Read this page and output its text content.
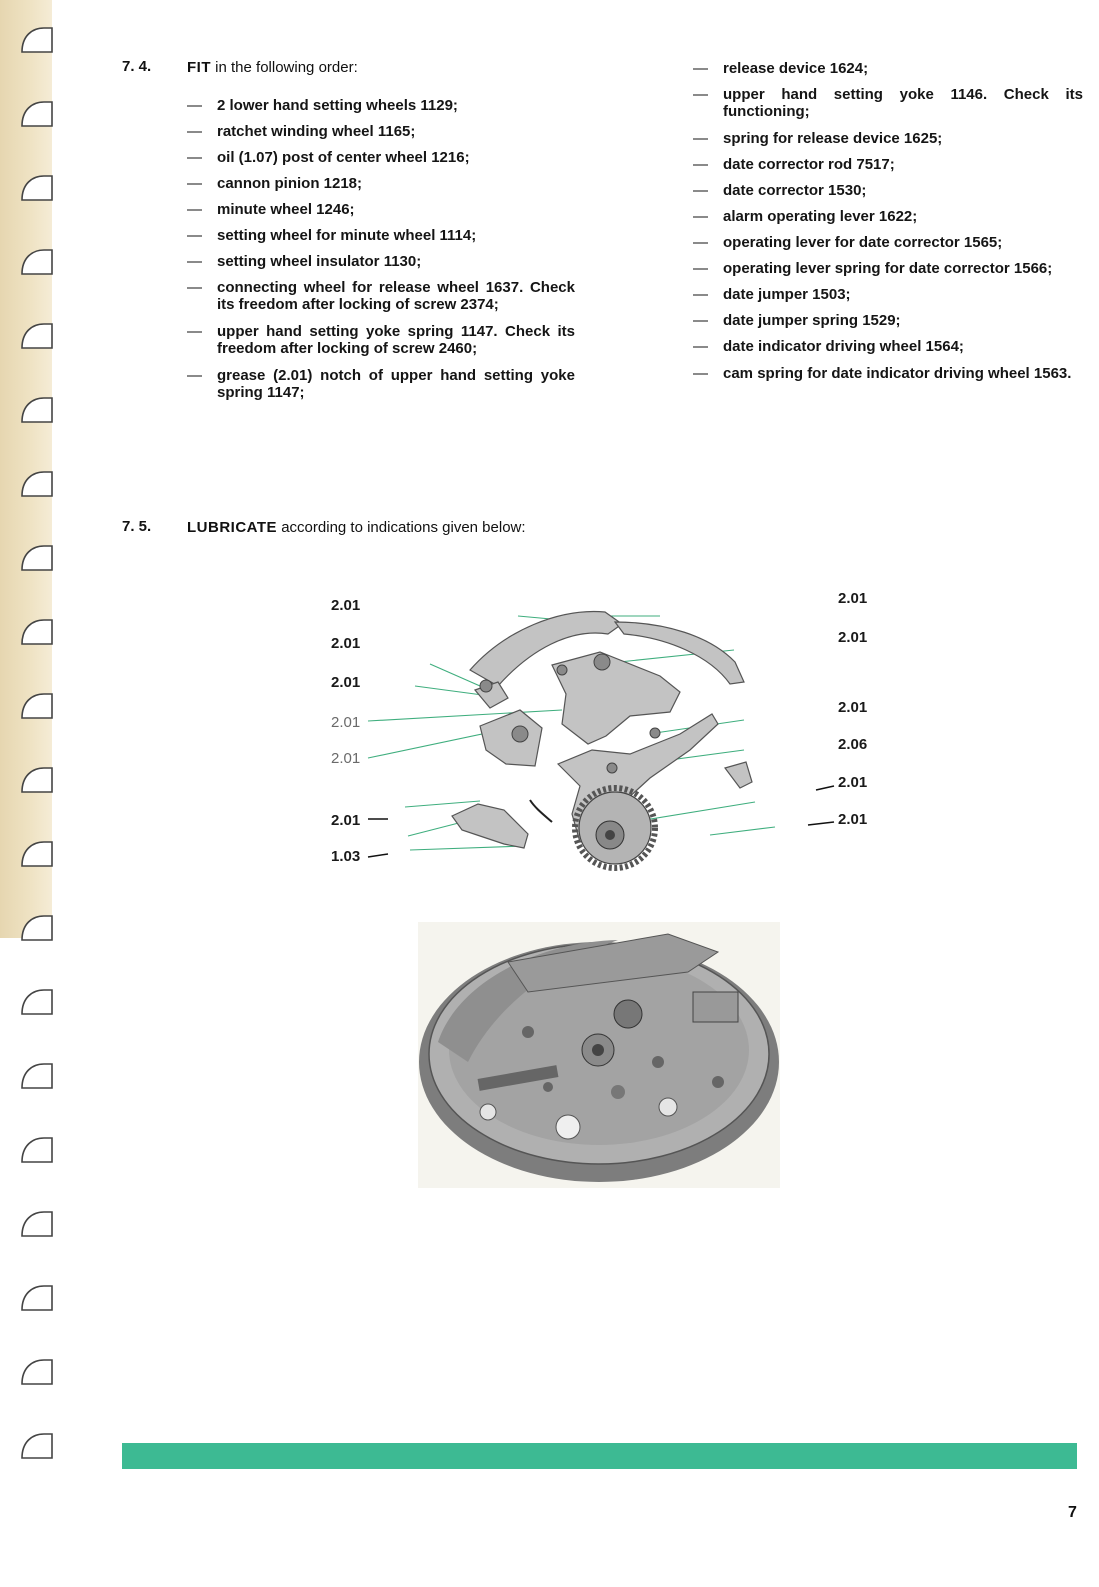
7. 4. FIT in the following order:
— 2 lower hand setting wheels 1129;
— ratchet winding wheel 1165;
— oil (1.07) post of center wheel 1216;
— cannon pinion 1218;
— minute wheel 1246;
— setting wheel for minute wheel 1114;
— setting wheel insulator 1130;
— connecting wheel for release wheel 1637. Check its freedom after locking of screw 2374;
— upper hand setting yoke spring 1147. Check its freedom after locking of screw 2460;
— grease (2.01) notch of upper hand setting yoke spring 1147;
— release device 1624;
— upper hand setting yoke 1146. Check its functioning;
— spring for release device 1625;
— date corrector rod 7517;
— date corrector 1530;
— alarm operating lever 1622;
— operating lever for date corrector 1565;
— operating lever spring for date corrector 1566;
— date jumper 1503;
— date jumper spring 1529;
— date indicator driving wheel 1564;
— cam spring for date indicator driving wheel 1563.
7. 5. LUBRICATE according to indications given below:
2.01
2.01
2.01
2.01
2.01
2.01
1.03
2.01
2.01
2.01
2.06
2.01
2.01
7
